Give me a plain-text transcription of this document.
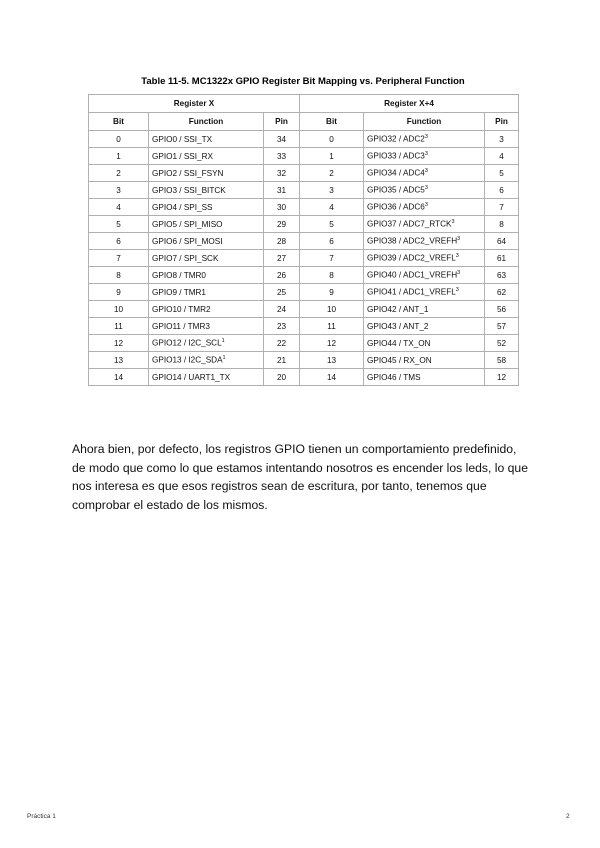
Table 11-5. MC1322x GPIO Register Bit Mapping vs. Peripheral Function
Register X			Register X+4		
Bit	Function	Pin	Bit	Function	Pin
0	GPIO0 / SSI_TX	34	0	GPIO32 / $ADC2^3$	3
1	GPIO1 / SSI_RX	33	1	GPIO33 / $ADC3^3$	4
2	GPIO2 / SSI_FSYN	32	2	GPIO34 / $ADC4^3$	5
3	GPIO3 / SSI_BITCK	31	3	GPIO35 / $ADC5^3$	6
4	GPIO4 / SPI_SS	30	4	GPIO36 / $ADC6^3$	7
5	GPIO5 / SPI_MISO	29	5	GPIO37 / ADC7_RTCK$^3$	8
6	GPIO6 / SPI_MOSI	28	6	GPIO38 / ADC2_VREFH$^3$	64
7	GPIO7 / SPI_SCK	27	7	GPIO39 / ADC2_VREFL$^3$	61
8	GPIO8 / TMR0	26	8	GPIO40 / ADC1_VREFH$^3$	63
9	GPIO9 / TMR1	25	9	GPIO41 / ADC1_VREFL$^3$	62
10	GPIO10 / TMR2	24	10	GPIO42 / ANT_1	56
11	GPIO11 / TMR3	23	11	GPIO43 / ANT_2	57
12	GPIO12 / I2C_SCL$^1$	22	12	GPIO44 / TX_ON	52
13	GPIO13 / I2C_SDA$^1$	21	13	GPIO45 / RX_ON	58
14	GPIO14 / UART1_TX	20	14	GPIO46 / TMS	12
Ahora bien, por defecto, los registros GPIO tienen un comportamiento predefinido,
de modo que como lo que estamos intentando nosotros es encender los leds, lo que
nos interesa es que esos registros sean de escritura, por tanto, tenemos que
comprobar el estado de los mismos.
Práctica 1	2
